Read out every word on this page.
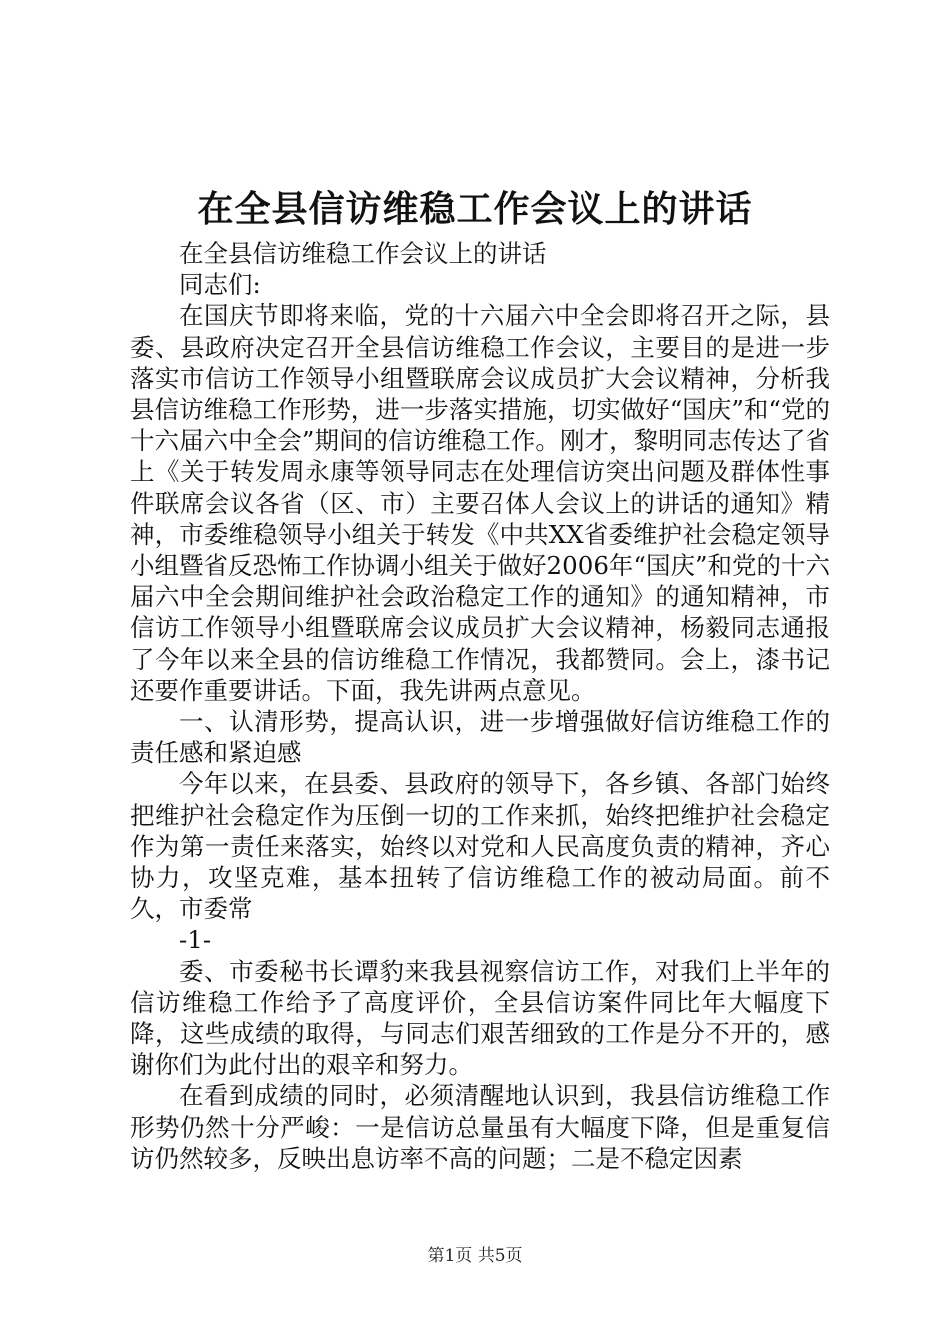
在全县信访维稳工作会议上的讲话

在全县信访维稳工作会议上的讲话

同志们:

在国庆节即将来临，党的十六届六中全会即将召开之际，县委、县政府决定召开全县信访维稳工作会议，主要目的是进一步落实市信访工作领导小组暨联席会议成员扩大会议精神，分析我县信访维稳工作形势，进一步落实措施，切实做好“国庆”和“党的十六届六中全会”期间的信访维稳工作。刚才，黎明同志传达了省上《关于转发周永康等领导同志在处理信访突出问题及群体性事件联席会议各省（区、市）主要召体人会议上的讲话的通知》精神，市委维稳领导小组关于转发《中共XX省委维护社会稳定领导小组暨省反恐怖工作协调小组关于做好2006年“国庆”和党的十六届六中全会期间维护社会政治稳定工作的通知》的通知精神，市信访工作领导小组暨联席会议成员扩大会议精神，杨毅同志通报了今年以来全县的信访维稳工作情况，我都赞同。会上，漆书记还要作重要讲话。下面，我先讲两点意见。

一、认清形势，提高认识，进一步增强做好信访维稳工作的责任感和紧迫感

今年以来，在县委、县政府的领导下，各乡镇、各部门始终把维护社会稳定作为压倒一切的工作来抓，始终把维护社会稳定作为第一责任来落实，始终以对党和人民高度负责的精神，齐心协力，攻坚克难，基本扭转了信访维稳工作的被动局面。前不久，市委常

-1-

委、市委秘书长谭豹来我县视察信访工作，对我们上半年的信访维稳工作给予了高度评价，全县信访案件同比年大幅度下降，这些成绩的取得，与同志们艰苦细致的工作是分不开的，感谢你们为此付出的艰辛和努力。

在看到成绩的同时，必须清醒地认识到，我县信访维稳工作形势仍然十分严峻：一是信访总量虽有大幅度下降，但是重复信访仍然较多，反映出息访率不高的问题；二是不稳定因素

第1页 共5页
